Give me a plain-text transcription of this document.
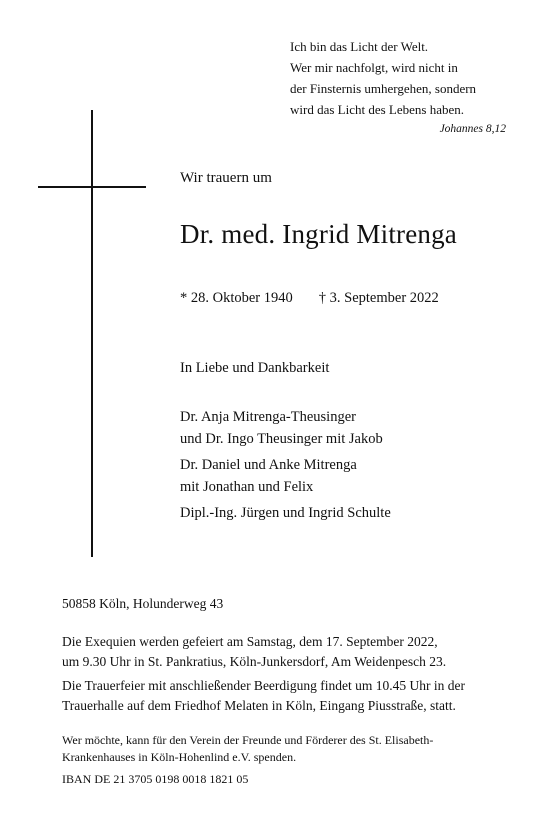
Ich bin das Licht der Welt.
Wer mir nachfolgt, wird nicht in
der Finsternis umhergehen, sondern
wird das Licht des Lebens haben.
Johannes 8,12
Wir trauern um
Dr. med. Ingrid Mitrenga
* 28. Oktober 1940 † 3. September 2022
In Liebe und Dankbarkeit
Dr. Anja Mitrenga-Theusinger
und Dr. Ingo Theusinger mit Jakob
Dr. Daniel und Anke Mitrenga
mit Jonathan und Felix
Dipl.-Ing. Jürgen und Ingrid Schulte
50858 Köln, Holunderweg 43
Die Exequien werden gefeiert am Samstag, dem 17. September 2022,
um 9.30 Uhr in St. Pankratius, Köln-Junkersdorf, Am Weidenpesch 23.
Die Trauerfeier mit anschließender Beerdigung findet um 10.45 Uhr in der
Trauerhalle auf dem Friedhof Melaten in Köln, Eingang Piusstraße, statt.
Wer möchte, kann für den Verein der Freunde und Förderer des St. Elisabeth-
Krankenhauses in Köln-Hohenlind e.V. spenden.
IBAN DE 21 3705 0198 0018 1821 05
